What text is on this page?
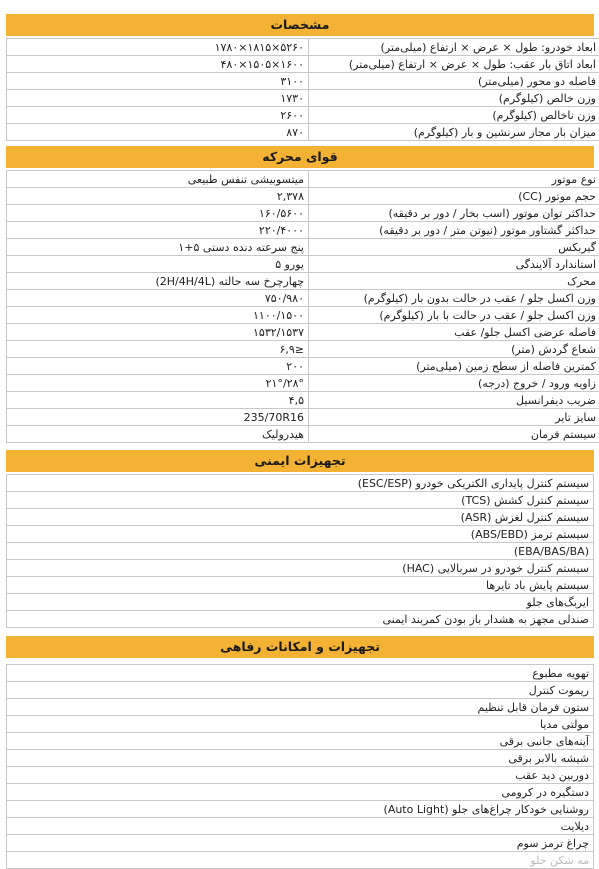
مشخصات
ابعاد خودرو: طول × عرض × ارتفاع (میلی‌متر)	۵۲۶۰×۱۸۱۵×۱۷۸۰
ابعاد اتاق بار عقب: طول × عرض × ارتفاع (میلی‌متر)	۱۶۰۰×۱۵۰۵×۴۸۰
فاصله دو محور (میلی‌متر)	۳۱۰۰
وزن خالص (کیلوگرم)	۱۷۳۰
وزن ناخالص (کیلوگرم)	۲۶۰۰
میزان بار مجاز سرنشین و بار (کیلوگرم)	۸۷۰
قوای محرکه
نوع موتور	میتسوبیشی تنفس طبیعی
حجم موتور (CC)	۲,۳۷۸
حداکثر توان موتور (اسب بخار / دور بر دقیقه)	۱۶۰/۵۶۰۰
حداکثر گشتاور موتور (نیوتن متر / دور بر دقیقه)	۲۲۰/۴۰۰۰
گیربکس	پنج سرعته دنده دستی ۵+۱
استاندارد آلایندگی	یورو ۵
محرک	چهارچرخ سه حالته (2H/4H/4L)
وزن اکسل جلو / عقب در حالت بدون بار (کیلوگرم)	۷۵۰/۹۸۰
وزن اکسل جلو / عقب در حالت با بار (کیلوگرم)	۱۱۰۰/۱۵۰۰
فاصله عرضی اکسل جلو/ عقب	۱۵۳۲/۱۵۳۷
شعاع گردش (متر)	≤۶,۹
کمترین فاصله از سطح زمین (میلی‌متر)	۲۰۰
زاویه ورود / خروج (درجه)	۲۸°/۲۱°
ضریب دیفرانسیل	۴,۵
سایز تایر	235/70R16
سیستم فرمان	هیدرولیک
تجهیزات ایمنی
سیستم کنترل پایداری الکتریکی خودرو (ESC/ESP)
سیستم کنترل کشش (TCS)
سیستم کنترل لغزش (ASR)
سیستم ترمز (ABS/EBD)
(EBA/BAS/BA)
سیستم کنترل خودرو در سربالایی (HAC)
سیستم پایش باد تایرها
ایربگ‌های جلو
صندلی مجهز به هشدار باز بودن کمربند ایمنی
تجهیزات و امکانات رفاهی
تهویه مطبوع
ریموت کنترل
ستون فرمان قابل تنظیم
مولتی مدیا
آینه‌های جانبی برقی
شیشه بالابر برقی
دوربین دید عقب
دستگیره در کرومی
روشنایی خودکار چراغ‌های جلو (Auto Light)
دیلایت
چراغ ترمز سوم
مه شکن جلو
